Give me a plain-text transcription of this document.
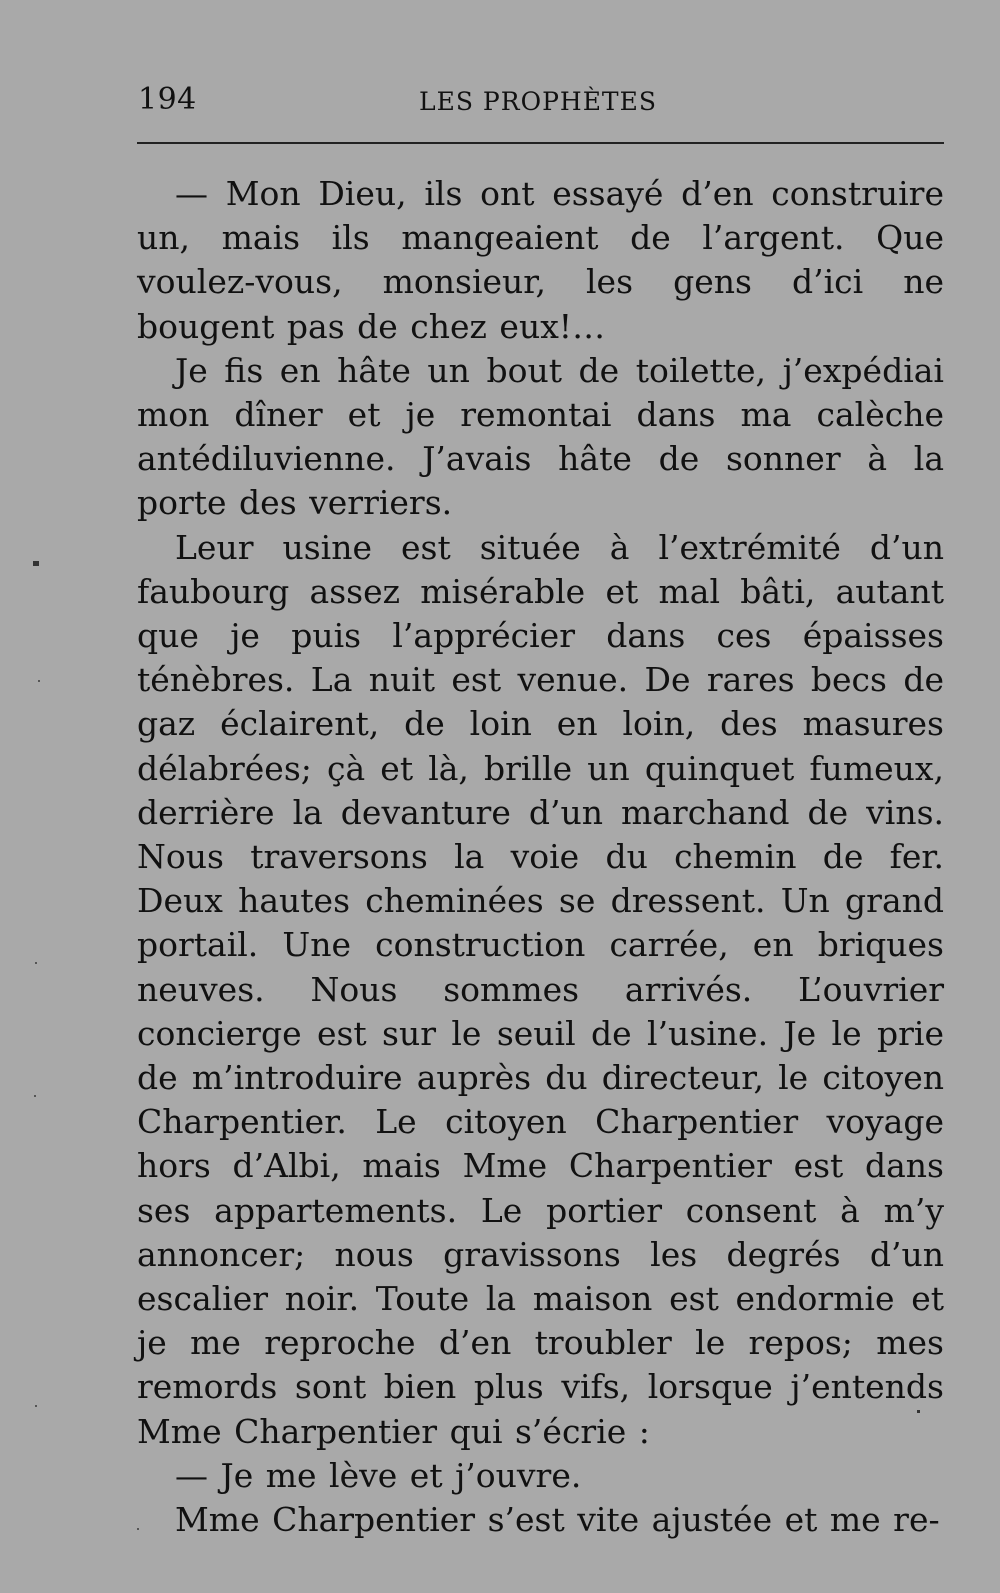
194	LES PROPHÈTES

— Mon Dieu, ils ont essayé d’en construire un, mais ils mangeaient de l’argent. Que voulez-vous, monsieur, les gens d’ici ne bougent pas de chez eux!…

Je fis en hâte un bout de toilette, j’expédiai mon dîner et je remontai dans ma calèche antédiluvienne. J’avais hâte de sonner à la porte des verriers.

Leur usine est située à l’extrémité d’un faubourg assez misérable et mal bâti, autant que je puis l’apprécier dans ces épaisses ténèbres. La nuit est venue. De rares becs de gaz éclairent, de loin en loin, des masures délabrées; çà et là, brille un quinquet fumeux, derrière la devanture d’un marchand de vins. Nous traversons la voie du chemin de fer. Deux hautes cheminées se dressent. Un grand portail. Une construction carrée, en briques neuves. Nous sommes arrivés. L’ouvrier concierge est sur le seuil de l’usine. Je le prie de m’introduire auprès du directeur, le citoyen Charpentier. Le citoyen Charpentier voyage hors d’Albi, mais Mme Charpentier est dans ses appartements. Le portier consent à m’y annoncer; nous gravissons les degrés d’un escalier noir. Toute la maison est endormie et je me reproche d’en troubler le repos; mes remords sont bien plus vifs, lorsque j’entends Mme Charpentier qui s’écrie :

— Je me lève et j’ouvre.

Mme Charpentier s’est vite ajustée et me re-
